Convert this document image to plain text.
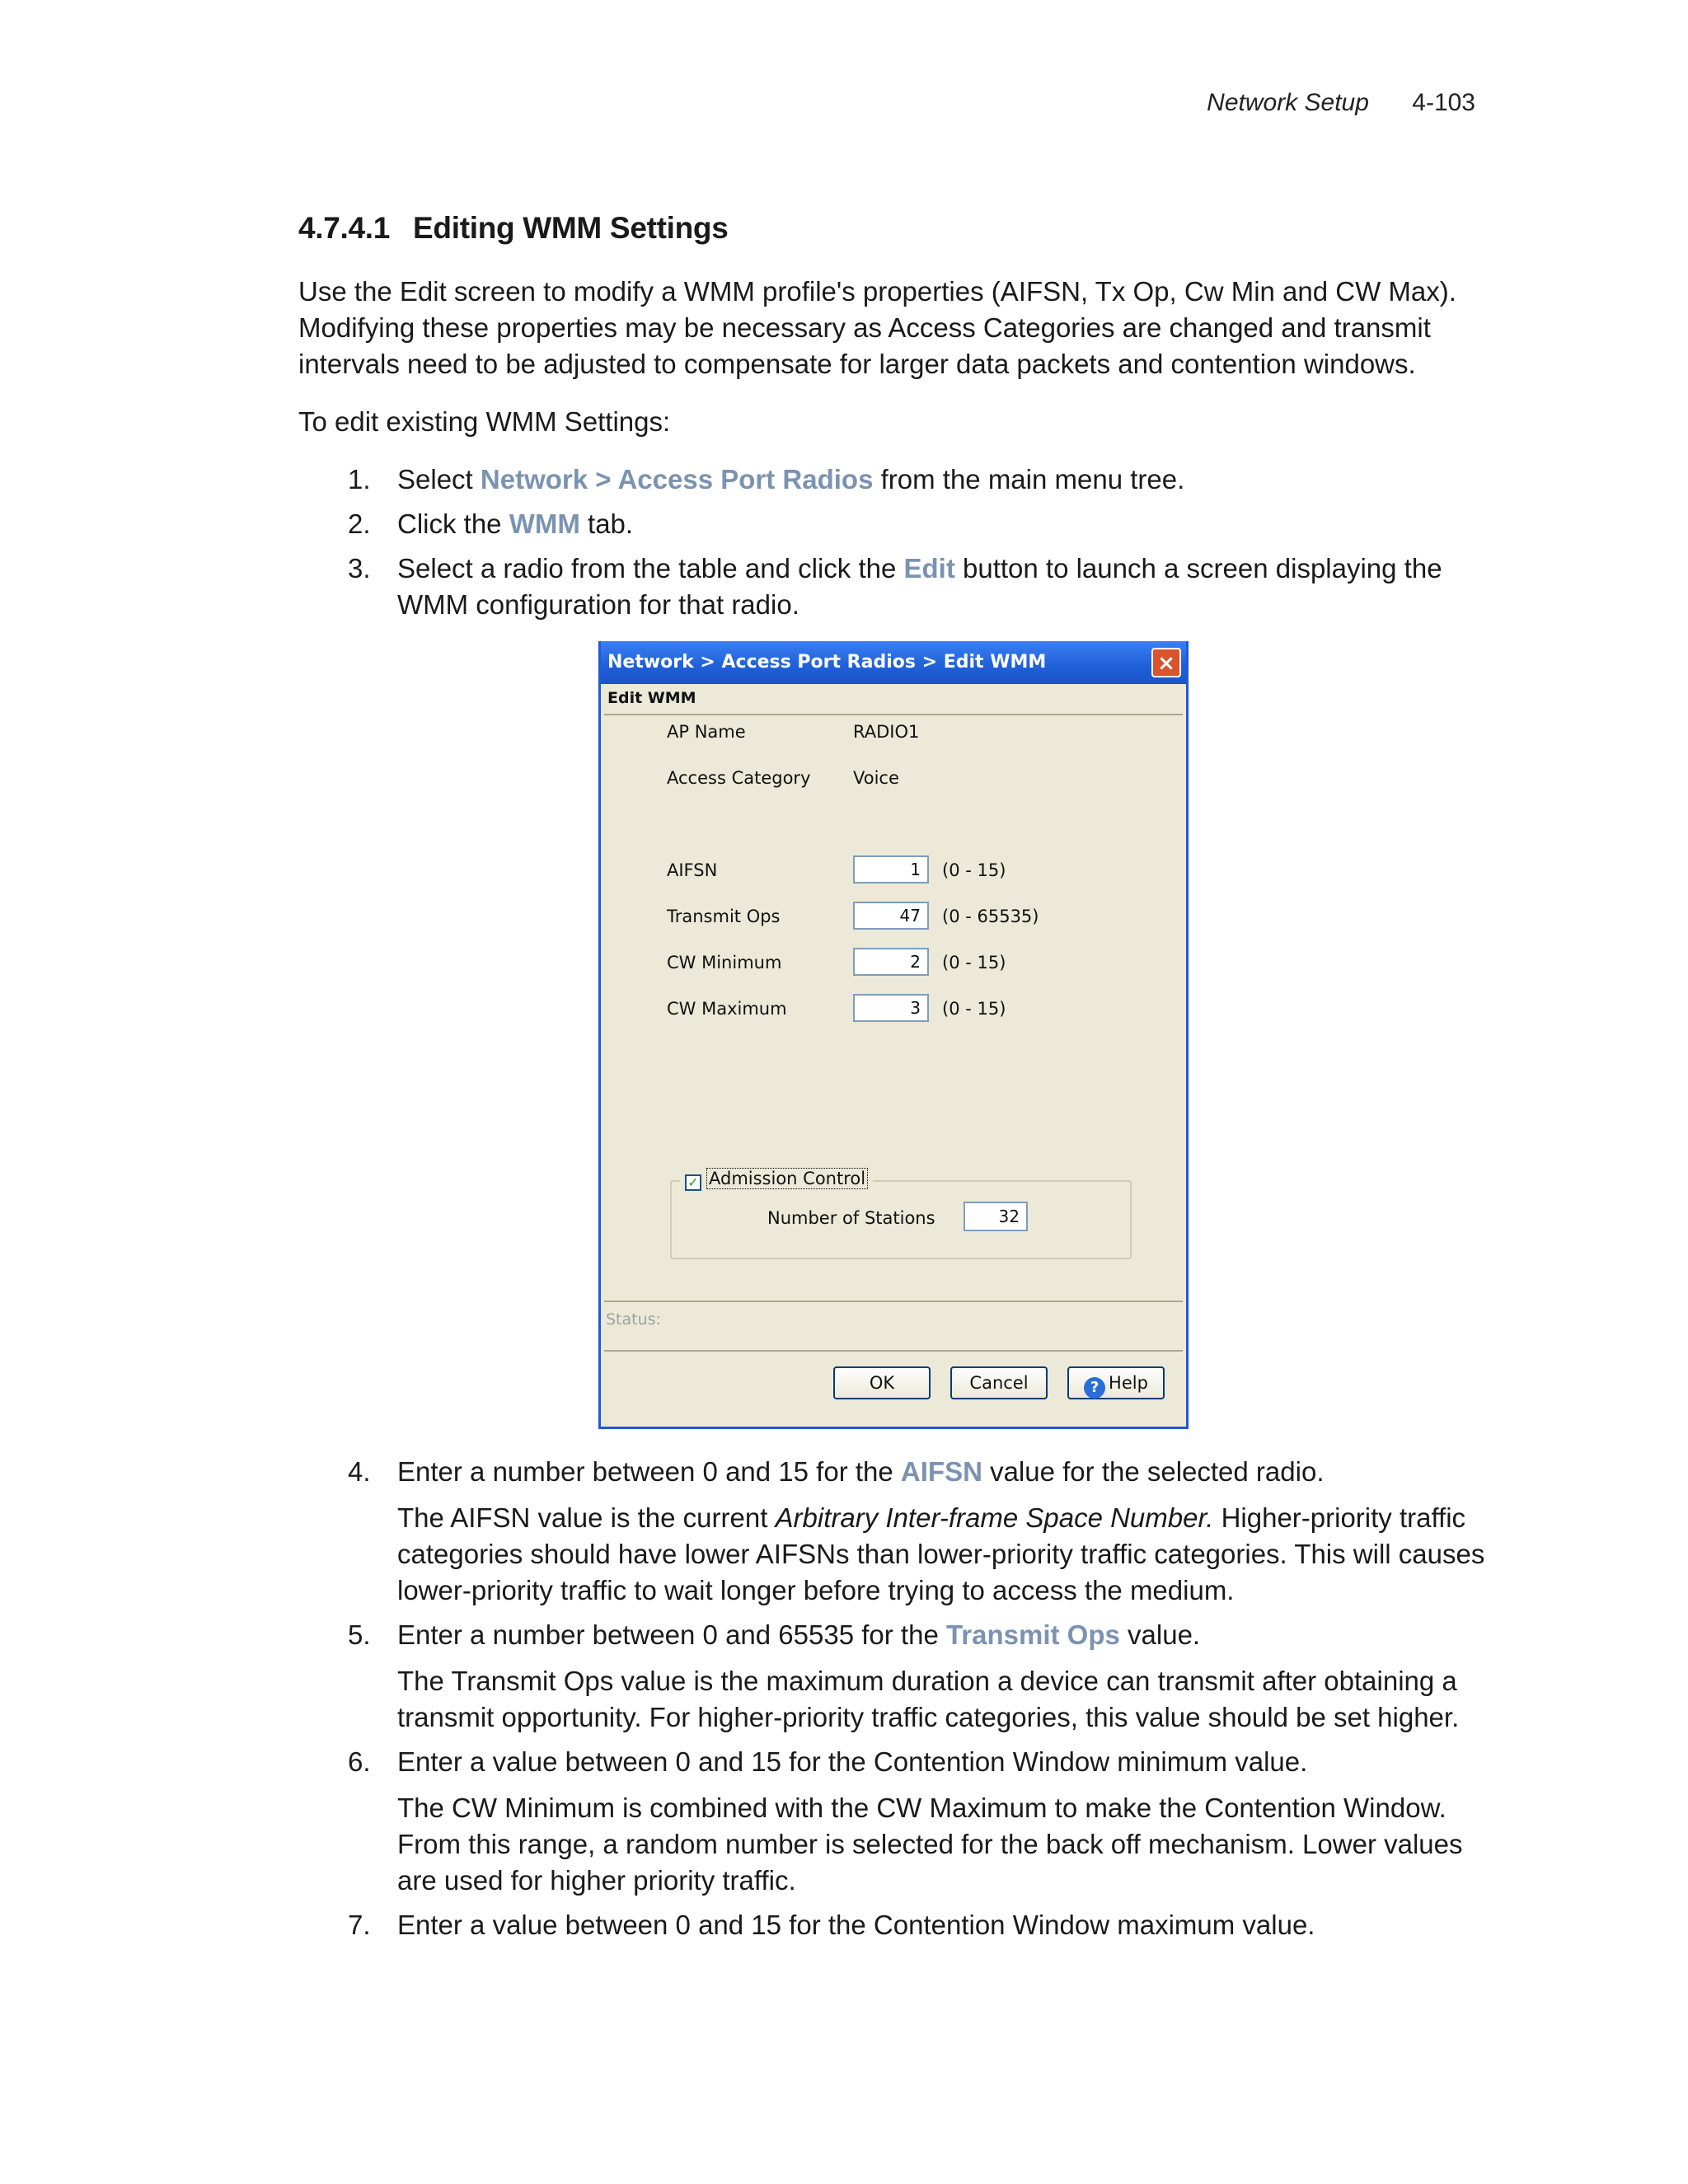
Network Setup 4-103
4.7.4.1 Editing WMM Settings

Use the Edit screen to modify a WMM profile's properties (AIFSN, Tx Op, Cw Min and CW Max). Modifying these properties may be necessary as Access Categories are changed and transmit intervals need to be adjusted to compensate for larger data packets and contention windows.

To edit existing WMM Settings:

1. Select Network > Access Port Radios from the main menu tree.
2. Click the WMM tab.
3. Select a radio from the table and click the Edit button to launch a screen displaying the WMM configuration for that radio.
Network > Access Port Radios > Edit WMM	×
Edit WMM
AP Name	RADIO1
Access Category Voice
AIFSN	1	(0 - 15)
Transmit Ops	47	(0 - 65535)
CW Minimum	2	(0 - 15)
CW Maximum	3	(0 - 15)
✓ Admission Control
Number of Stations	32
Status:
OK	Cancel	? Help
4. Enter a number between 0 and 15 for the AIFSN value for the selected radio.
The AIFSN value is the current Arbitrary Inter-frame Space Number. Higher-priority traffic categories should have lower AIFSNs than lower-priority traffic categories. This will causes lower-priority traffic to wait longer before trying to access the medium.
5. Enter a number between 0 and 65535 for the Transmit Ops value.
The Transmit Ops value is the maximum duration a device can transmit after obtaining a transmit opportunity. For higher-priority traffic categories, this value should be set higher.
6. Enter a value between 0 and 15 for the Contention Window minimum value.
The CW Minimum is combined with the CW Maximum to make the Contention Window. From this range, a random number is selected for the back off mechanism. Lower values are used for higher priority traffic.
7. Enter a value between 0 and 15 for the Contention Window maximum value.
